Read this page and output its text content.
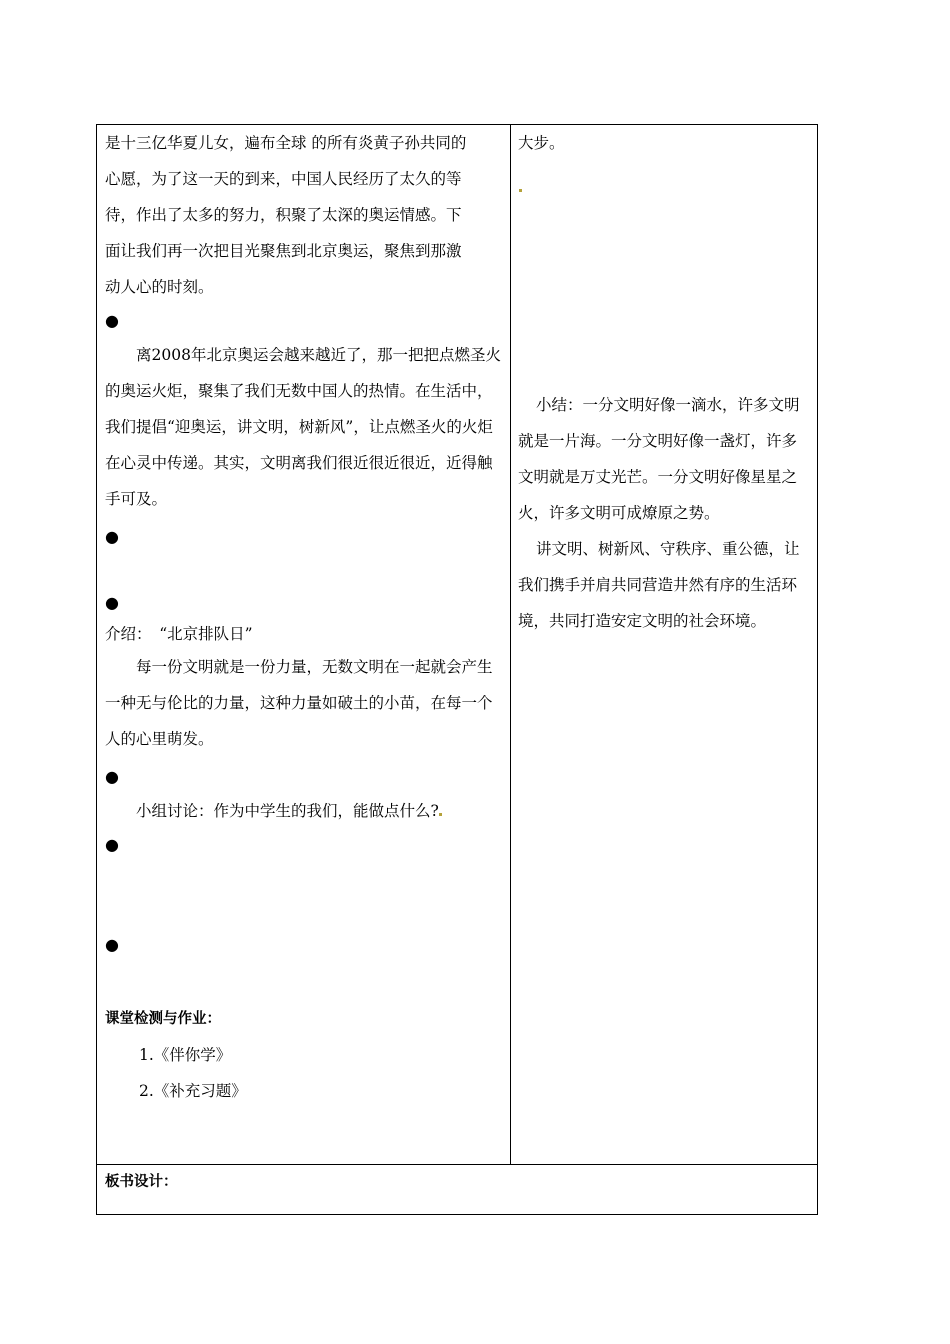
是十三亿华夏儿女，遍布全球 的所有炎黄子孙共同的
心愿，为了这一天的到来，中国人民经历了太久的等
待，作出了太多的努力，积聚了太深的奥运情感。下
面让我们再一次把目光聚焦到北京奥运，聚焦到那激
动人心的时刻。
●
离2008年北京奥运会越来越近了，那一把把点燃圣火的奥运火炬，聚集了我们无数中国人的热情。在生活中，我们提倡“迎奥运，讲文明，树新风”，让点燃圣火的火炬在心灵中传递。其实，文明离我们很近很近很近，近得触手可及。
●
●
介绍：　“北京排队日”
每一份文明就是一份力量，无数文明在一起就会产生一种无与伦比的力量，这种力量如破土的小苗，在每一个人的心里萌发。
●
小组讨论：作为中学生的我们，能做点什么?
●
●
课堂检测与作业：
1.《伴你学》
2.《补充习题》
大步。
小结：一分文明好像一滴水，许多文明就是一片海。一分文明好像一盏灯，许多文明就是万丈光芒。一分文明好像星星之火，许多文明可成燎原之势。
讲文明、树新风、守秩序、重公德，让我们携手并肩共同营造井然有序的生活环境，共同打造安定文明的社会环境。
板书设计：
